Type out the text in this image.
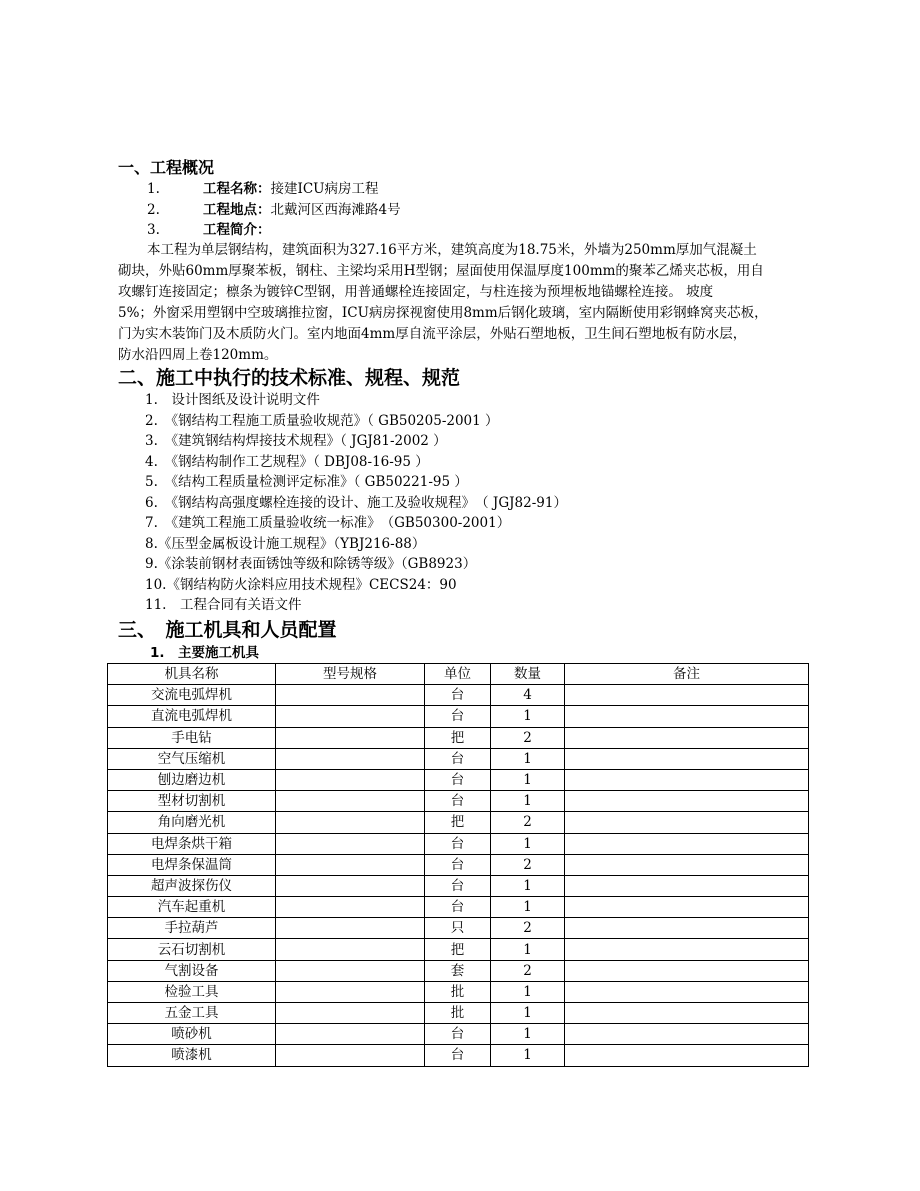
一、工程概况
1.	工程名称：接建ICU病房工程
2.	工程地点：北戴河区西海滩路4号
3.	工程简介：
本工程为单层钢结构，建筑面积为327.16平方米，建筑高度为18.75米，外墙为250mm厚加气混凝土
砌块，外贴60mm厚聚苯板，钢柱、主梁均采用H型钢；屋面使用保温厚度100mm的聚苯乙烯夹芯板，用自
攻螺钉连接固定；檩条为镀锌C型钢，用普通螺栓连接固定，与柱连接为预埋板地锚螺栓连接。 坡度
5%；外窗采用塑钢中空玻璃推拉窗，ICU病房探视窗使用8mm后钢化玻璃，室内隔断使用彩钢蜂窝夹芯板，
门为实木装饰门及木质防火门。室内地面4mm厚自流平涂层，外贴石塑地板，卫生间石塑地板有防水层，
防水沿四周上卷120mm。
二、施工中执行的技术标准、规程、规范
1.　设计图纸及设计说明文件
2.　《钢结构工程施工质量验收规范》（ GB50205-2001 ）
3.　《建筑钢结构焊接技术规程》（ JGJ81-2002 ）
4.　《钢结构制作工艺规程》（ DBJ08-16-95 ）
5.　《结构工程质量检测评定标准》（ GB50221-95 ）
6.　《钢结构高强度螺栓连接的设计、施工及验收规程》　（ JGJ82-91）
7.　《建筑工程施工质量验收统一标准》　（GB50300-2001）
8.《压型金属板设计施工规程》（YBJ216-88）
9.《涂装前钢材表面锈蚀等级和除锈等级》（GB8923）
10.《钢结构防火涂料应用技术规程》CECS24：90
11.　工程合同有关语文件
三、　施工机具和人员配置
1.　主要施工机具
机具名称	型号规格	单位	数量	备注
交流电弧焊机		台	4	
直流电弧焊机		台	1	
手电钻		把	2	
空气压缩机		台	1	
刨边磨边机		台	1	
型材切割机		台	1	
角向磨光机		把	2	
电焊条烘干箱		台	1	
电焊条保温筒		台	2	
超声波探伤仪		台	1	
汽车起重机		台	1	
手拉葫芦		只	2	
云石切割机		把	1	
气割设备		套	2	
检验工具		批	1	
五金工具		批	1	
喷砂机		台	1	
喷漆机		台	1	
